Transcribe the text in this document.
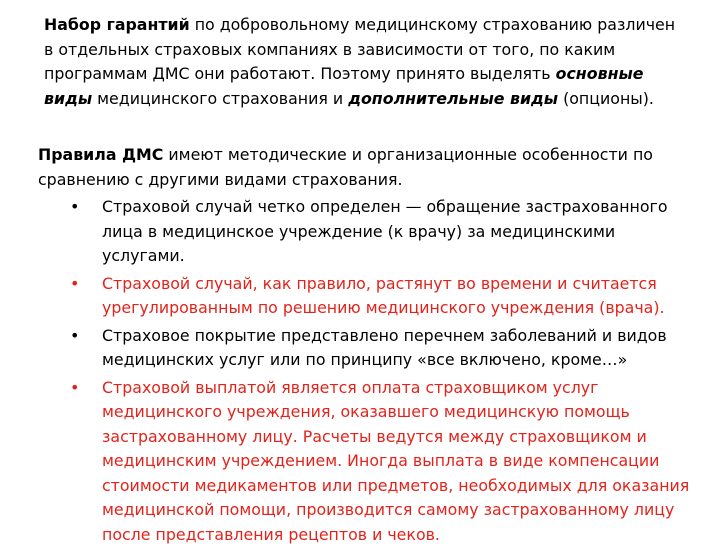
Набор гарантий по добровольному медицинскому страхованию различен в отдельных страховых компаниях в зависимости от того, по каким программам ДМС они работают. Поэтому принято выделять основные виды медицинского страхования и дополнительные виды (опционы).

Правила ДМС имеют методические и организационные особенности по сравнению с другими видами страхования.

• Страховой случай четко определен — обращение застрахованного лица в медицинское учреждение (к врачу) за медицинскими услугами.
• Страховой случай, как правило, растянут во времени и считается урегулированным по решению медицинского учреждения (врача).
• Страховое покрытие представлено перечнем заболеваний и видов медицинских услуг или по принципу «все включено, кроме…»
• Страховой выплатой является оплата страховщиком услуг медицинского учреждения, оказавшего медицинскую помощь застрахованному лицу. Расчеты ведутся между страховщиком и медицинским учреждением. Иногда выплата в виде компенсации стоимости медикаментов или предметов, необходимых для оказания медицинской помощи, производится самому застрахованному лицу после представления рецептов и чеков.
